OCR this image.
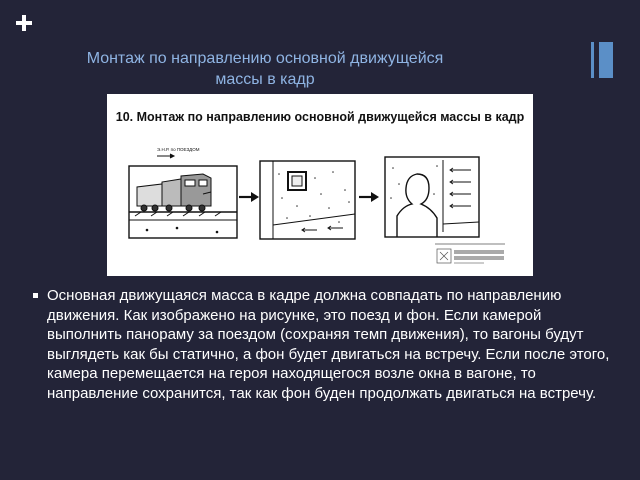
Монтаж по направлению основной движущейся массы в кадр
10. Монтаж по направлению основной движущейся массы в кадр
Э.Н.Р. по ПОЕЗДОМ
Основная движущаяся масса в кадре должна совпадать по направлению движения. Как изображено на рисунке, это поезд и фон. Если камерой выполнить панораму за поездом (сохраняя темп движения), то вагоны будут выглядеть как бы статично, а фон будет двигаться на встречу. Если после этого, камера перемещается на героя находящегося возле окна в вагоне, то направление сохранится, так как фон буден продолжать двигаться на встречу.
